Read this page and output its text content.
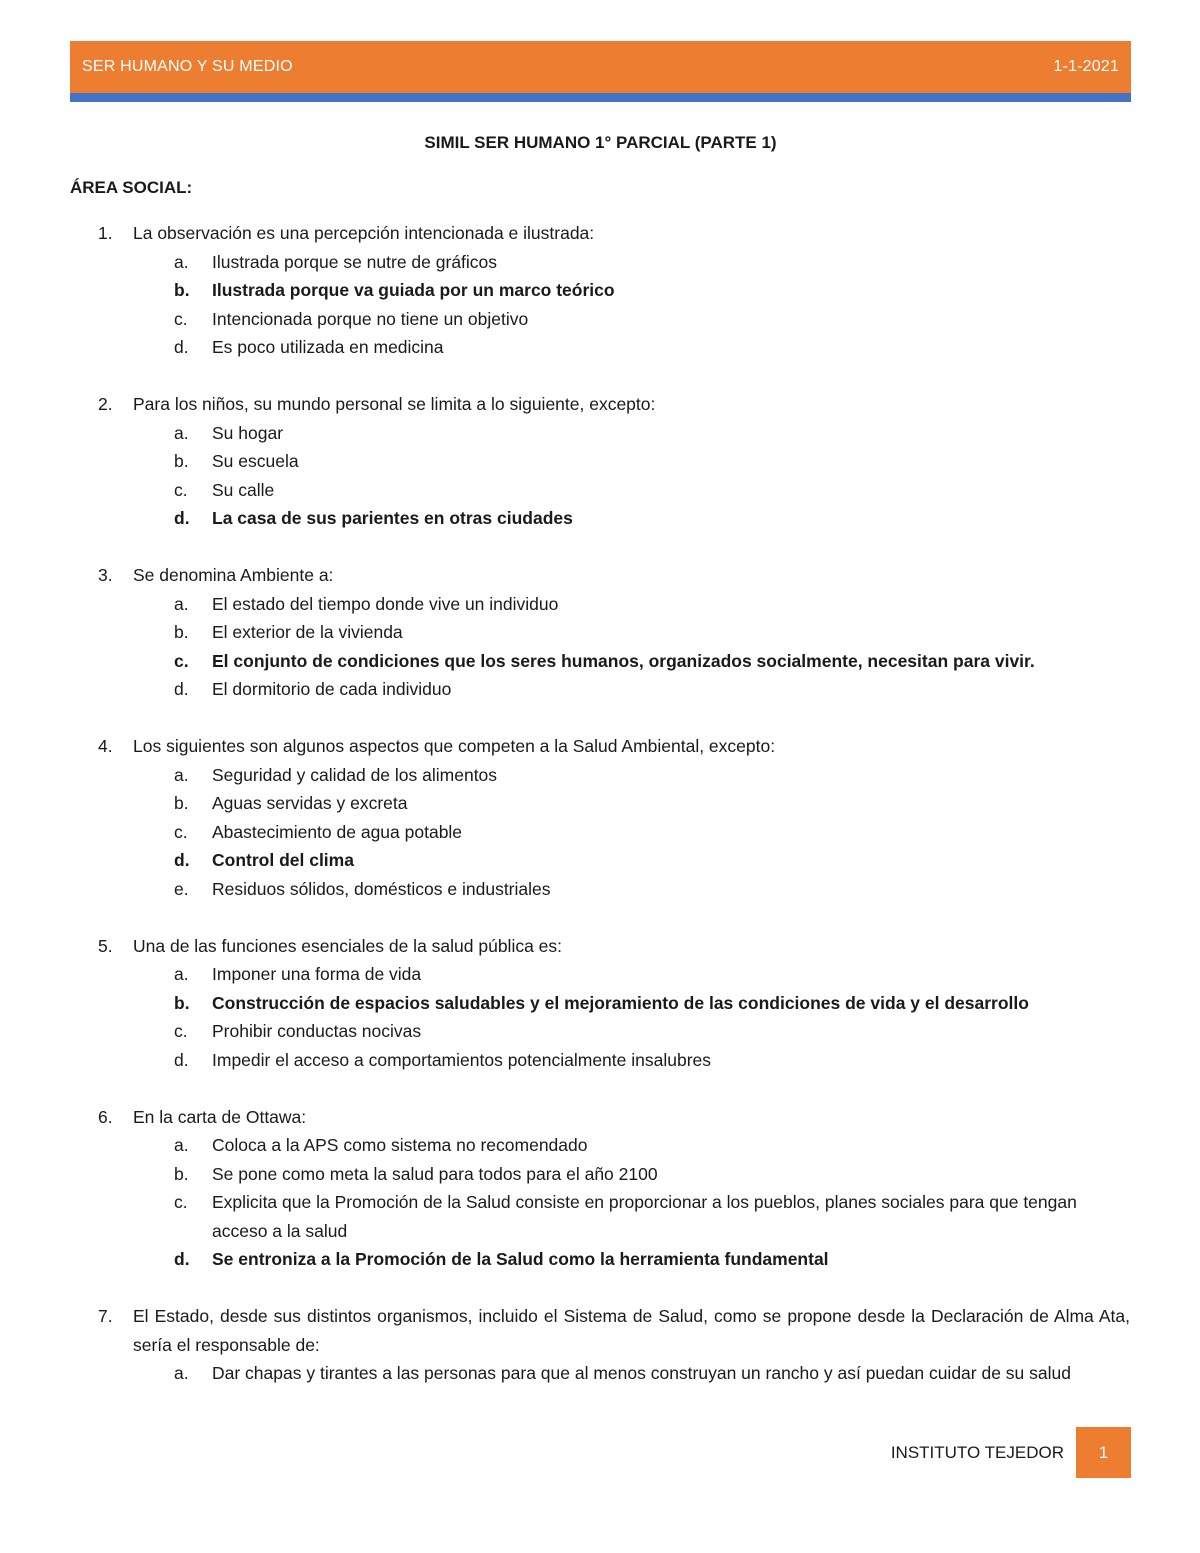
SER HUMANO Y SU MEDIO	1-1-2021
SIMIL SER HUMANO 1° PARCIAL (PARTE 1)
ÁREA SOCIAL:
1.	La observación es una percepción intencionada e ilustrada:
a.	Ilustrada porque se nutre de gráficos
b.	Ilustrada porque va guiada por un marco teórico
c.	Intencionada porque no tiene un objetivo
d.	Es poco utilizada en medicina
2.	Para los niños, su mundo personal se limita a lo siguiente, excepto:
a.	Su hogar
b.	Su escuela
c.	Su calle
d.	La casa de sus parientes en otras ciudades
3.	Se denomina Ambiente a:
a.	El estado del tiempo donde vive un individuo
b.	El exterior de la vivienda
c.	El conjunto de condiciones que los seres humanos, organizados socialmente, necesitan para vivir.
d.	El dormitorio de cada individuo
4.	Los siguientes son algunos aspectos que competen a la Salud Ambiental, excepto:
a.	Seguridad y calidad de los alimentos
b.	Aguas servidas y excreta
c.	Abastecimiento de agua potable
d.	Control del clima
e.	Residuos sólidos, domésticos e industriales
5.	Una de las funciones esenciales de la salud pública es:
a.	Imponer una forma de vida
b.	Construcción de espacios saludables y el mejoramiento de las condiciones de vida y el desarrollo
c.	Prohibir conductas nocivas
d.	Impedir el acceso a comportamientos potencialmente insalubres
6.	En la carta de Ottawa:
a.	Coloca a la APS como sistema no recomendado
b.	Se pone como meta la salud para todos para el año 2100
c.	Explicita que la Promoción de la Salud consiste en proporcionar a los pueblos, planes sociales para que tengan acceso a la salud
d.	Se entroniza a la Promoción de la Salud como la herramienta fundamental
7.	El Estado, desde sus distintos organismos, incluido el Sistema de Salud, como se propone desde la Declaración de Alma Ata, sería el responsable de:
a.	Dar chapas y tirantes a las personas para que al menos construyan un rancho y así puedan cuidar de su salud
INSTITUTO TEJEDOR 1
